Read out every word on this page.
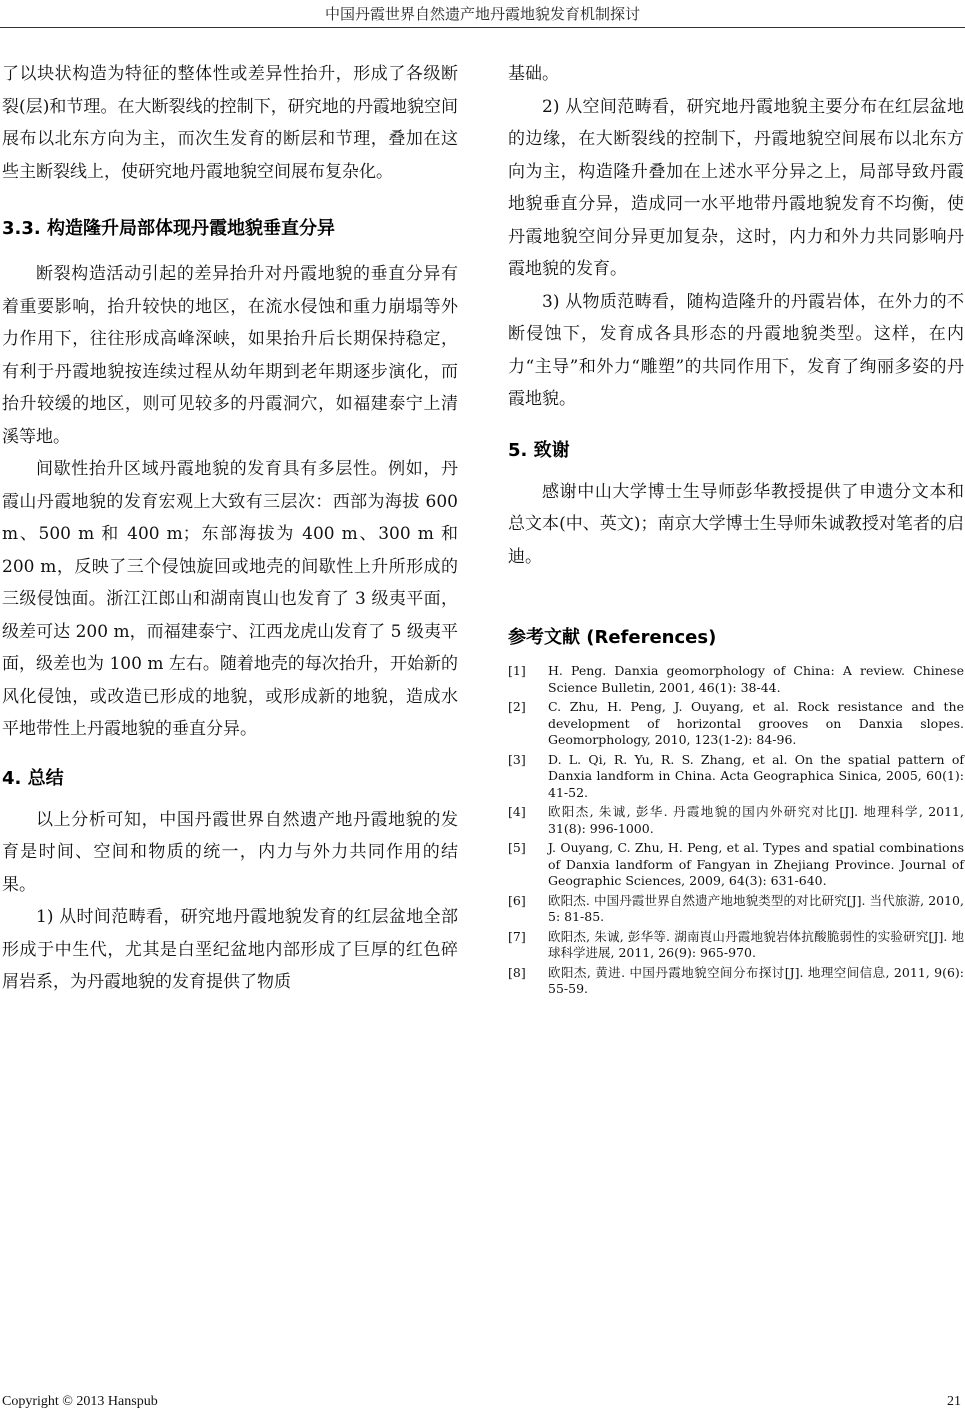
中国丹霞世界自然遗产地丹霞地貌发育机制探讨

了以块状构造为特征的整体性或差异性抬升，形成了各级断裂(层)和节理。在大断裂线的控制下，研究地的丹霞地貌空间展布以北东方向为主，而次生发育的断层和节理，叠加在这些主断裂线上，使研究地丹霞地貌空间展布复杂化。

3.3. 构造隆升局部体现丹霞地貌垂直分异

断裂构造活动引起的差异抬升对丹霞地貌的垂直分异有着重要影响，抬升较快的地区，在流水侵蚀和重力崩塌等外力作用下，往往形成高峰深峡，如果抬升后长期保持稳定，有利于丹霞地貌按连续过程从幼年期到老年期逐步演化，而抬升较缓的地区，则可见较多的丹霞洞穴，如福建泰宁上清溪等地。

间歇性抬升区域丹霞地貌的发育具有多层性。例如，丹霞山丹霞地貌的发育宏观上大致有三层次：西部为海拔 600 m、500 m 和 400 m；东部海拔为 400 m、300 m 和 200 m，反映了三个侵蚀旋回或地壳的间歇性上升所形成的三级侵蚀面。浙江江郎山和湖南崀山也发育了 3 级夷平面，级差可达 200 m，而福建泰宁、江西龙虎山发育了 5 级夷平面，级差也为 100 m 左右。随着地壳的每次抬升，开始新的风化侵蚀，或改造已形成的地貌，或形成新的地貌，造成水平地带性上丹霞地貌的垂直分异。

4. 总结

以上分析可知，中国丹霞世界自然遗产地丹霞地貌的发育是时间、空间和物质的统一，内力与外力共同作用的结果。

1) 从时间范畴看，研究地丹霞地貌发育的红层盆地全部形成于中生代，尤其是白垩纪盆地内部形成了巨厚的红色碎屑岩系，为丹霞地貌的发育提供了物质

基础。

2) 从空间范畴看，研究地丹霞地貌主要分布在红层盆地的边缘，在大断裂线的控制下，丹霞地貌空间展布以北东方向为主，构造隆升叠加在上述水平分异之上，局部导致丹霞地貌垂直分异，造成同一水平地带丹霞地貌发育不均衡，使丹霞地貌空间分异更加复杂，这时，内力和外力共同影响丹霞地貌的发育。

3) 从物质范畴看，随构造隆升的丹霞岩体，在外力的不断侵蚀下，发育成各具形态的丹霞地貌类型。这样，在内力“主导”和外力“雕塑”的共同作用下，发育了绚丽多姿的丹霞地貌。

5. 致谢

感谢中山大学博士生导师彭华教授提供了申遗分文本和总文本(中、英文)；南京大学博士生导师朱诚教授对笔者的启迪。

参考文献 (References)
[1] H. Peng. Danxia geomorphology of China: A review. Chinese Science Bulletin, 2001, 46(1): 38-44.
[2] C. Zhu, H. Peng, J. Ouyang, et al. Rock resistance and the development of horizontal grooves on Danxia slopes. Geomorphology, 2010, 123(1-2): 84-96.
[3] D. L. Qi, R. Yu, R. S. Zhang, et al. On the spatial pattern of Danxia landform in China. Acta Geographica Sinica, 2005, 60(1): 41-52.
[4] 欧阳杰, 朱诚, 彭华. 丹霞地貌的国内外研究对比[J]. 地理科学, 2011, 31(8): 996-1000.
[5] J. Ouyang, C. Zhu, H. Peng, et al. Types and spatial combinations of Danxia landform of Fangyan in Zhejiang Province. Journal of Geographic Sciences, 2009, 64(3): 631-640.
[6] 欧阳杰. 中国丹霞世界自然遗产地地貌类型的对比研究[J]. 当代旅游, 2010, 5: 81-85.
[7] 欧阳杰, 朱诚, 彭华等. 湖南崀山丹霞地貌岩体抗酸脆弱性的实验研究[J]. 地球科学进展, 2011, 26(9): 965-970.
[8] 欧阳杰, 黄进. 中国丹霞地貌空间分布探讨[J]. 地理空间信息, 2011, 9(6): 55-59.
Copyright © 2013 Hanspub	21
